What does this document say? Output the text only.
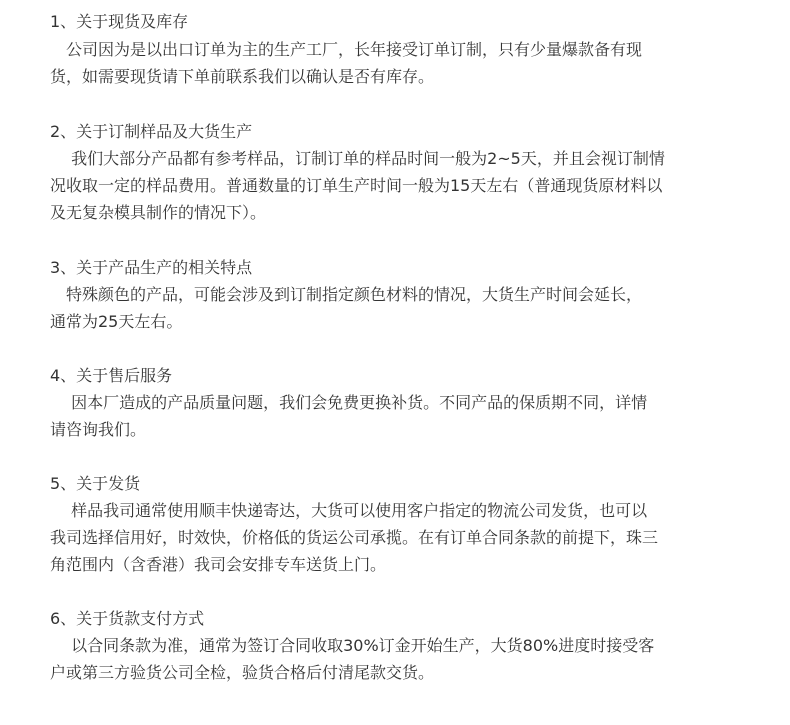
1、关于现货及库存
　公司因为是以出口订单为主的生产工厂，长年接受订单订制，只有少量爆款备有现
货，如需要现货请下单前联系我们以确认是否有库存。
2、关于订制样品及大货生产
　 我们大部分产品都有参考样品，订制订单的样品时间一般为2~5天，并且会视订制情
况收取一定的样品费用。普通数量的订单生产时间一般为15天左右（普通现货原材料以
及无复杂模具制作的情况下）。
3、关于产品生产的相关特点
　特殊颜色的产品，可能会涉及到订制指定颜色材料的情况，大货生产时间会延长，
通常为25天左右。
4、关于售后服务
　 因本厂造成的产品质量问题，我们会免费更换补货。不同产品的保质期不同，详情
请咨询我们。
5、关于发货
　 样品我司通常使用顺丰快递寄达，大货可以使用客户指定的物流公司发货，也可以
我司选择信用好，时效快，价格低的货运公司承揽。在有订单合同条款的前提下，珠三
角范围内（含香港）我司会安排专车送货上门。
6、关于货款支付方式
　 以合同条款为准，通常为签订合同收取30%订金开始生产，大货80%进度时接受客
户或第三方验货公司全检，验货合格后付清尾款交货。
